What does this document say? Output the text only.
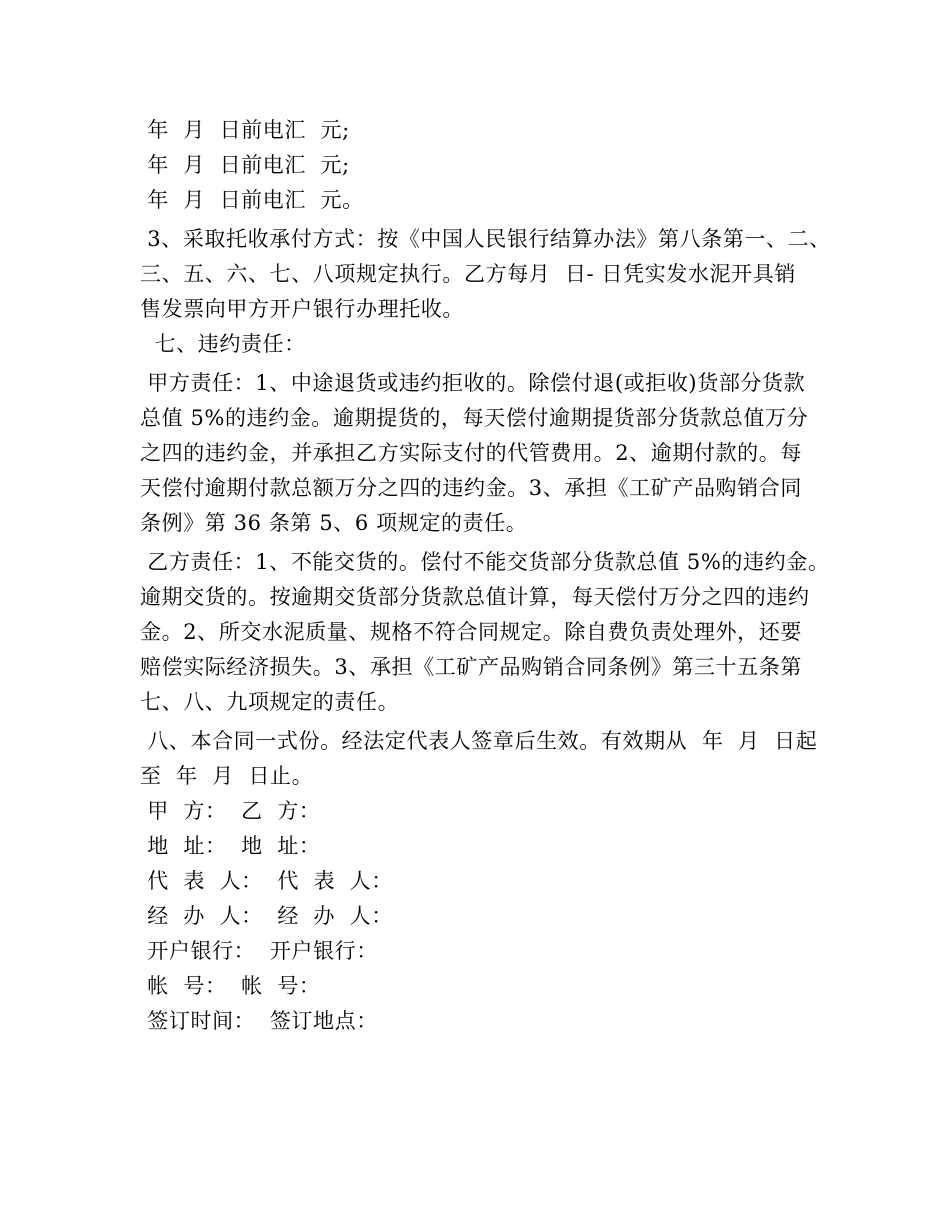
年  月  日前电汇  元;
年  月  日前电汇  元;
年  月  日前电汇  元。
3、采取托收承付方式：按《中国人民银行结算办法》第八条第一、二、
三、五、六、七、八项规定执行。乙方每月  日- 日凭实发水泥开具销
售发票向甲方开户银行办理托收。
七、违约责任：
甲方责任：1、中途退货或违约拒收的。除偿付退(或拒收)货部分货款
总值 5%的违约金。逾期提货的，每天偿付逾期提货部分货款总值万分
之四的违约金，并承担乙方实际支付的代管费用。2、逾期付款的。每
天偿付逾期付款总额万分之四的违约金。3、承担《工矿产品购销合同
条例》第 36 条第 5、6 项规定的责任。
乙方责任：1、不能交货的。偿付不能交货部分货款总值 5%的违约金。
逾期交货的。按逾期交货部分货款总值计算，每天偿付万分之四的违约
金。2、所交水泥质量、规格不符合同规定。除自费负责处理外，还要
赔偿实际经济损失。3、承担《工矿产品购销合同条例》第三十五条第
七、八、九项规定的责任。
八、本合同一式份。经法定代表人签章后生效。有效期从  年  月  日起
至  年  月  日止。
甲  方：  乙  方：
地  址：  地  址：
代  表  人：  代  表  人：
经  办  人：  经  办  人：
开户银行：  开户银行：
帐  号：  帐  号：
签订时间：  签订地点：
